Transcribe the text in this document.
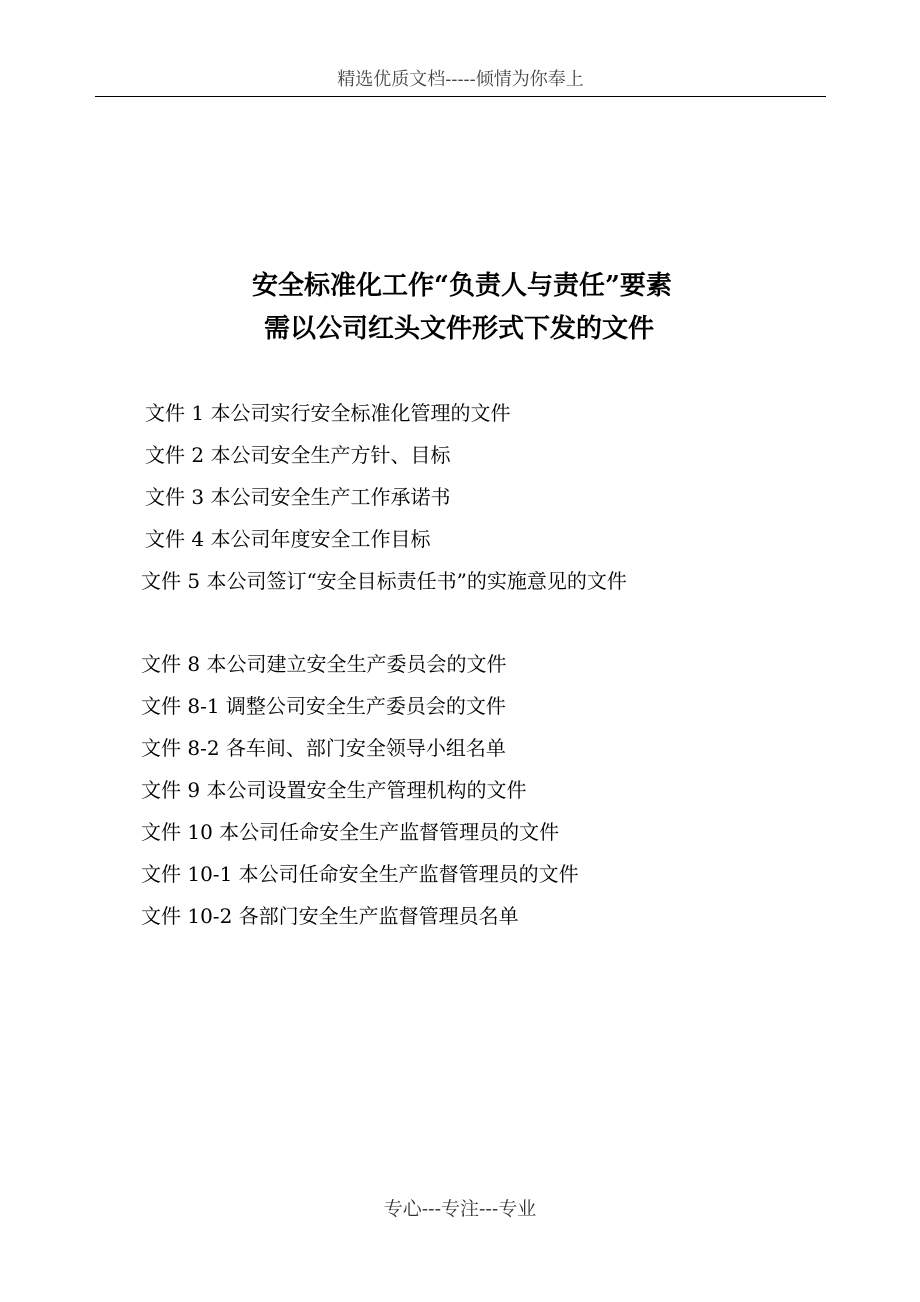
精选优质文档-----倾情为你奉上
安全标准化工作“负责人与责任”要素
需以公司红头文件形式下发的文件
文件 1 本公司实行安全标准化管理的文件
文件 2 本公司安全生产方针、目标
文件 3 本公司安全生产工作承诺书
文件 4 本公司年度安全工作目标
文件 5 本公司签订“安全目标责任书”的实施意见的文件
文件 8 本公司建立安全生产委员会的文件
文件 8-1 调整公司安全生产委员会的文件
文件 8-2 各车间、部门安全领导小组名单
文件 9 本公司设置安全生产管理机构的文件
文件 10 本公司任命安全生产监督管理员的文件
文件 10-1 本公司任命安全生产监督管理员的文件
文件 10-2 各部门安全生产监督管理员名单
专心---专注---专业
